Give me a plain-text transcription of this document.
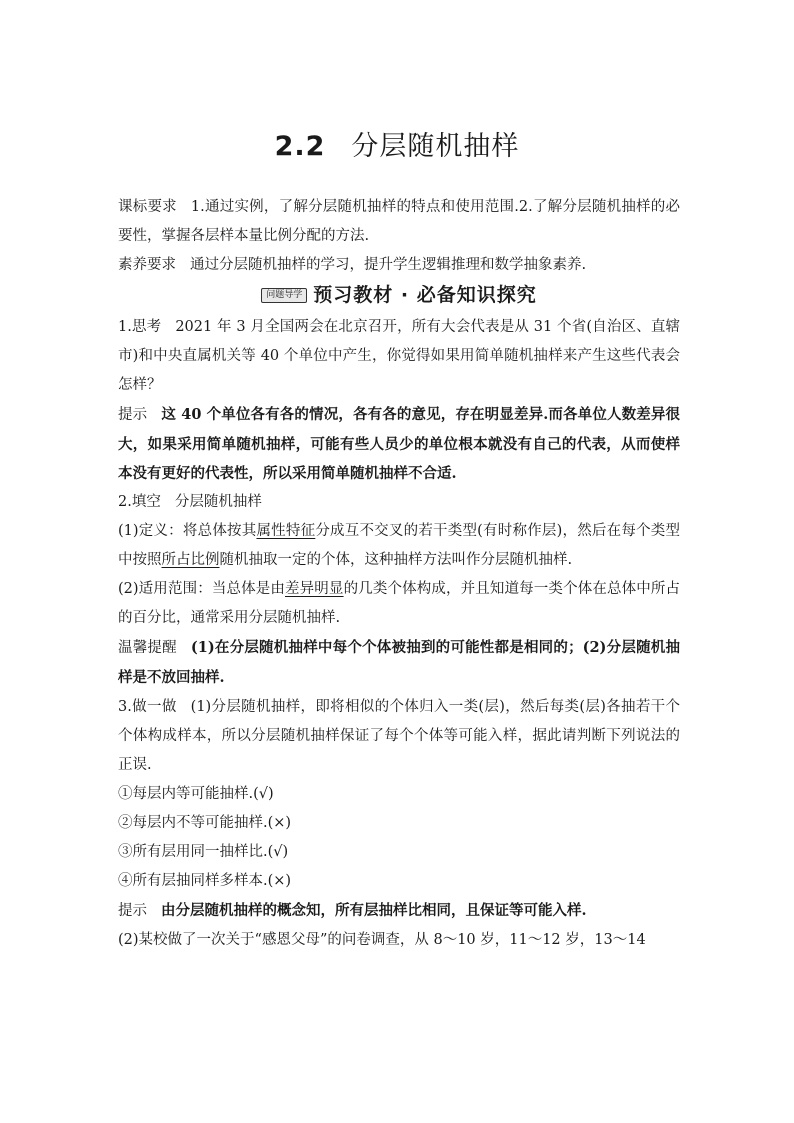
2.2 分层随机抽样

课标要求 1.通过实例，了解分层随机抽样的特点和使用范围.2.了解分层随机抽样的必要性，掌握各层样本量比例分配的方法.

素养要求 通过分层随机抽样的学习，提升学生逻辑推理和数学抽象素养.

问题导学 预习教材 · 必备知识探究

1.思考 2021 年 3 月全国两会在北京召开，所有大会代表是从 31 个省(自治区、直辖市)和中央直属机关等 40 个单位中产生，你觉得如果用简单随机抽样来产生这些代表会怎样？

提示 这 40 个单位各有各的情况，各有各的意见，存在明显差异.而各单位人数差异很大，如果采用简单随机抽样，可能有些人员少的单位根本就没有自己的代表，从而使样本没有更好的代表性，所以采用简单随机抽样不合适.

2.填空 分层随机抽样

(1)定义：将总体按其属性特征分成互不交叉的若干类型(有时称作层)，然后在每个类型中按照所占比例随机抽取一定的个体，这种抽样方法叫作分层随机抽样.

(2)适用范围：当总体是由差异明显的几类个体构成，并且知道每一类个体在总体中所占的百分比，通常采用分层随机抽样.

温馨提醒 (1)在分层随机抽样中每个个体被抽到的可能性都是相同的；(2)分层随机抽样是不放回抽样.

3.做一做 (1)分层随机抽样，即将相似的个体归入一类(层)，然后每类(层)各抽若干个个体构成样本，所以分层随机抽样保证了每个个体等可能入样，据此请判断下列说法的正误.

①每层内等可能抽样.(√)

②每层内不等可能抽样.(×)

③所有层用同一抽样比.(√)

④所有层抽同样多样本.(×)

提示 由分层随机抽样的概念知，所有层抽样比相同，且保证等可能入样.

(2)某校做了一次关于“感恩父母”的问卷调查，从 8～10 岁，11～12 岁，13～14
